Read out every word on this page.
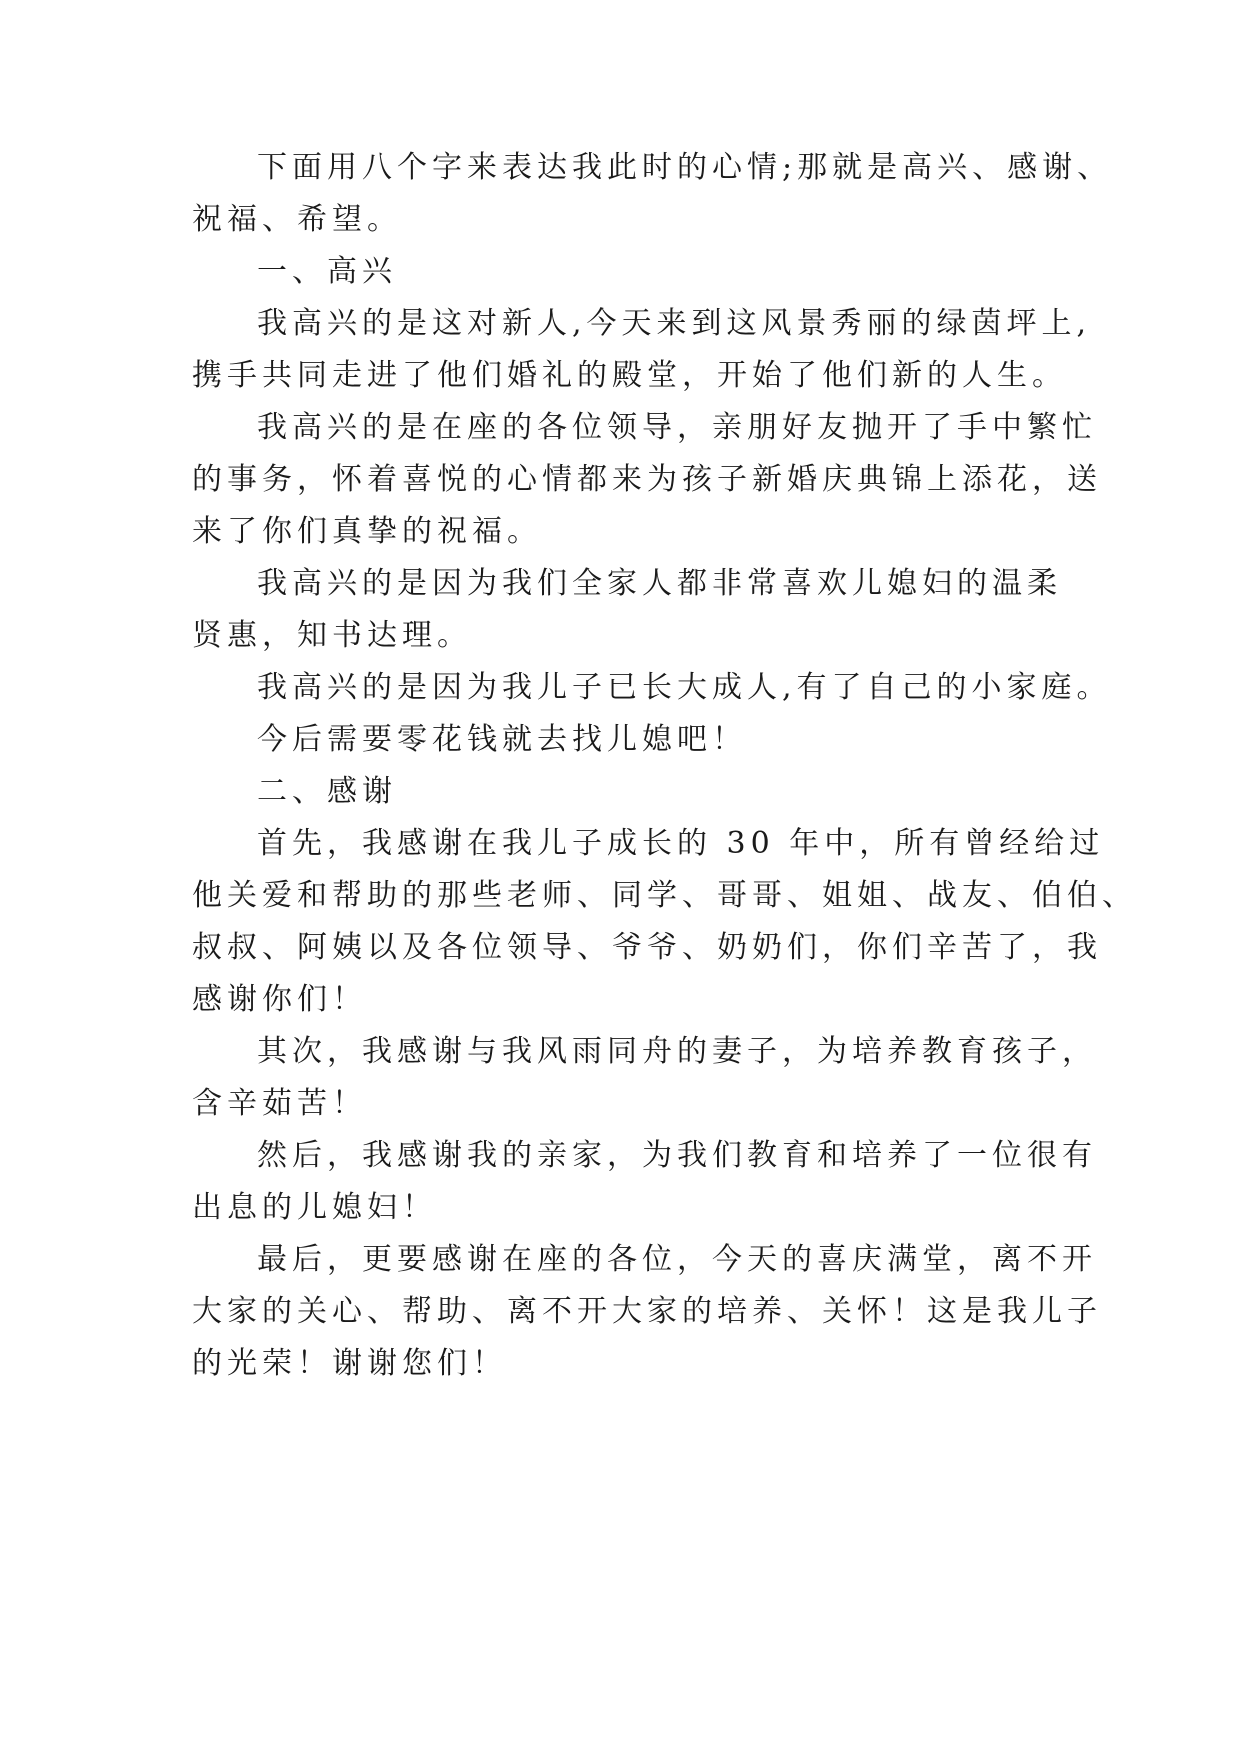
下面用八个字来表达我此时的心情;那就是高兴、感谢、

祝福、希望。

一、高兴

我高兴的是这对新人,今天来到这风景秀丽的绿茵坪上,

携手共同走进了他们婚礼的殿堂，开始了他们新的人生。

我高兴的是在座的各位领导，亲朋好友抛开了手中繁忙

的事务，怀着喜悦的心情都来为孩子新婚庆典锦上添花，送

来了你们真挚的祝福。

我高兴的是因为我们全家人都非常喜欢儿媳妇的温柔

贤惠，知书达理。

我高兴的是因为我儿子已长大成人,有了自己的小家庭。

今后需要零花钱就去找儿媳吧！

二、感谢

首先，我感谢在我儿子成长的 30 年中，所有曾经给过

他关爱和帮助的那些老师、同学、哥哥、姐姐、战友、伯伯、

叔叔、阿姨以及各位领导、爷爷、奶奶们，你们辛苦了，我

感谢你们！

其次，我感谢与我风雨同舟的妻子，为培养教育孩子，

含辛茹苦！

然后，我感谢我的亲家，为我们教育和培养了一位很有

出息的儿媳妇！

最后，更要感谢在座的各位，今天的喜庆满堂，离不开

大家的关心、帮助、离不开大家的培养、关怀！这是我儿子

的光荣！谢谢您们！
